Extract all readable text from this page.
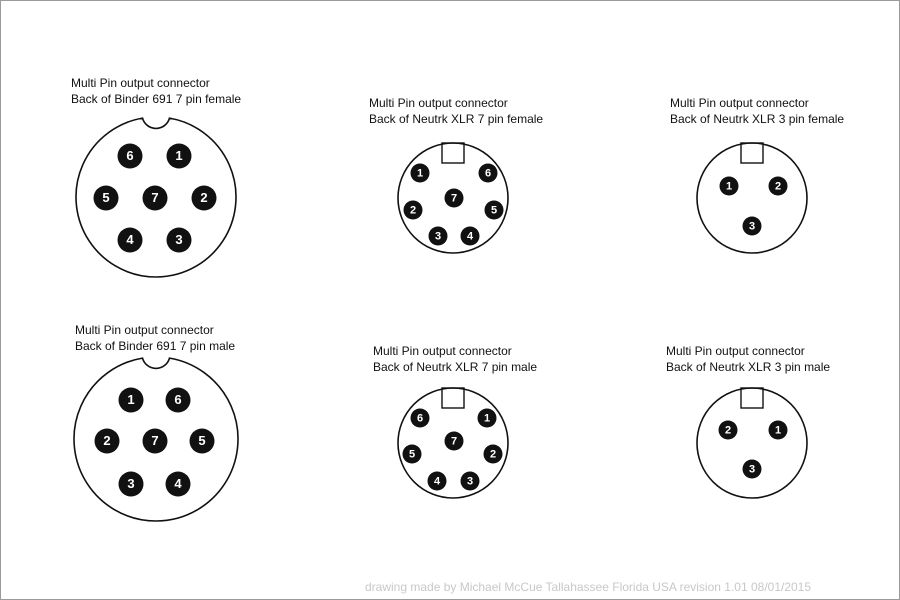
Multi Pin output connector
Back of Binder 691 7 pin female	Multi Pin output connector
Back of Neutrk XLR 7 pin female
Multi Pin output connector
Back of Neutrk XLR 3 pin female
Multi Pin output connector
Back of Binder 691 7 pin male	Multi Pin output connector
Back of Neutrk XLR 7 pin male
Multi Pin output connector
Back of Neutrk XLR 3 pin male
6	1
5	7	2
4	3
1	6
7
2	5
3 4
1	2
3
1	6
2	7	5
3	4
6	1
7
5	2
4 3
2	1
3
drawing made by Michael McCue Tallahassee Florida USA revision 1.01 08/01/2015
